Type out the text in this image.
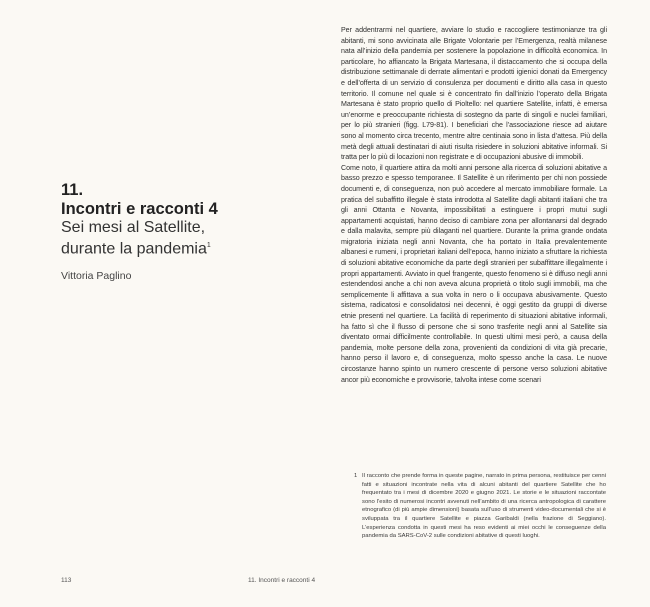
11.

Incontri e racconti 4

Sei mesi al Satellite,

durante la pandemia$^1$

Vittoria Paglino

Per addentrarmi nel quartiere, avviare lo studio e raccogliere testimonianze tra gli abitanti, mi sono avvicinata alle Brigate Volontarie per l’Emergenza, realtà milanese nata all’inizio della pandemia per sostenere la popolazione in difficoltà economica. In particolare, ho affiancato la Brigata Martesana, il distaccamento che si occupa della distribuzione settimanale di derrate alimentari e prodotti igienici donati da Emergency e dell’offerta di un servizio di consulenza per documenti e diritto alla casa in questo territorio. Il comune nel quale si è concentrato fin dall’inizio l’operato della Brigata Martesana è stato proprio quello di Pioltello: nel quartiere Satellite, infatti, è emersa un’enorme e preoccupante richiesta di sostegno da parte di singoli e nuclei familiari, per lo più stranieri (figg. L79-81). I beneficiari che l’associazione riesce ad aiutare sono al momento circa trecento, mentre altre centinaia sono in lista d’attesa. Più della metà degli attuali destinatari di aiuti risulta risiedere in soluzioni abitative informali. Si tratta per lo più di locazioni non registrate e di occupazioni abusive di immobili.

Come noto, il quartiere attira da molti anni persone alla ricerca di soluzioni abitative a basso prezzo e spesso temporanee. Il Satellite è un riferimento per chi non possiede documenti e, di conseguenza, non può accedere al mercato immobiliare formale. La pratica del subaffitto illegale è stata introdotta al Satellite dagli abitanti italiani che tra gli anni Ottanta e Novanta, impossibilitati a estinguere i propri mutui sugli appartamenti acquistati, hanno deciso di cambiare zona per allontanarsi dal degrado e dalla malavita, sempre più dilaganti nel quartiere. Durante la prima grande ondata migratoria iniziata negli anni Novanta, che ha portato in Italia prevalentemente albanesi e rumeni, i proprietari italiani dell’epoca, hanno iniziato a sfruttare la richiesta di soluzioni abitative economiche da parte degli stranieri per subaffittare illegalmente i propri appartamenti. Avviato in quel frangente, questo fenomeno si è diffuso negli anni estendendosi anche a chi non aveva alcuna proprietà o titolo sugli immobili, ma che semplicemente li affittava a sua volta in nero o li occupava abusivamente. Questo sistema, radicatosi e consolidatosi nei decenni, è oggi gestito da gruppi di diverse etnie presenti nel quartiere. La facilità di reperimento di situazioni abitative informali, ha fatto sì che il flusso di persone che si sono trasferite negli anni al Satellite sia diventato ormai difficilmente controllabile. In questi ultimi mesi però, a causa della pandemia, molte persone della zona, provenienti da condizioni di vita già precarie, hanno perso il lavoro e, di conseguenza, molto spesso anche la casa. Le nuove circostanze hanno spinto un numero crescente di persone verso soluzioni abitative ancor più economiche e provvisorie, talvolta intese come scenari

1 Il racconto che prende forma in queste pagine, narrato in prima persona, restituisce per cenni fatti e situazioni incontrate nella vita di alcuni abitanti del quartiere Satellite che ho frequentato tra i mesi di dicembre 2020 e giugno 2021. Le storie e le situazioni raccontate sono l’esito di numerosi incontri avvenuti nell’ambito di una ricerca antropologica di carattere etnografico (di più ampie dimensioni) basata sull’uso di strumenti video-documentali che si è sviluppata tra il quartiere Satellite e piazza Garibaldi (nella frazione di Seggiano). L’esperienza condotta in questi mesi ha reso evidenti ai miei occhi le conseguenze della pandemia da SARS-CoV-2 sulle condizioni abitative di questi luoghi.

113	11. Incontri e racconti 4
